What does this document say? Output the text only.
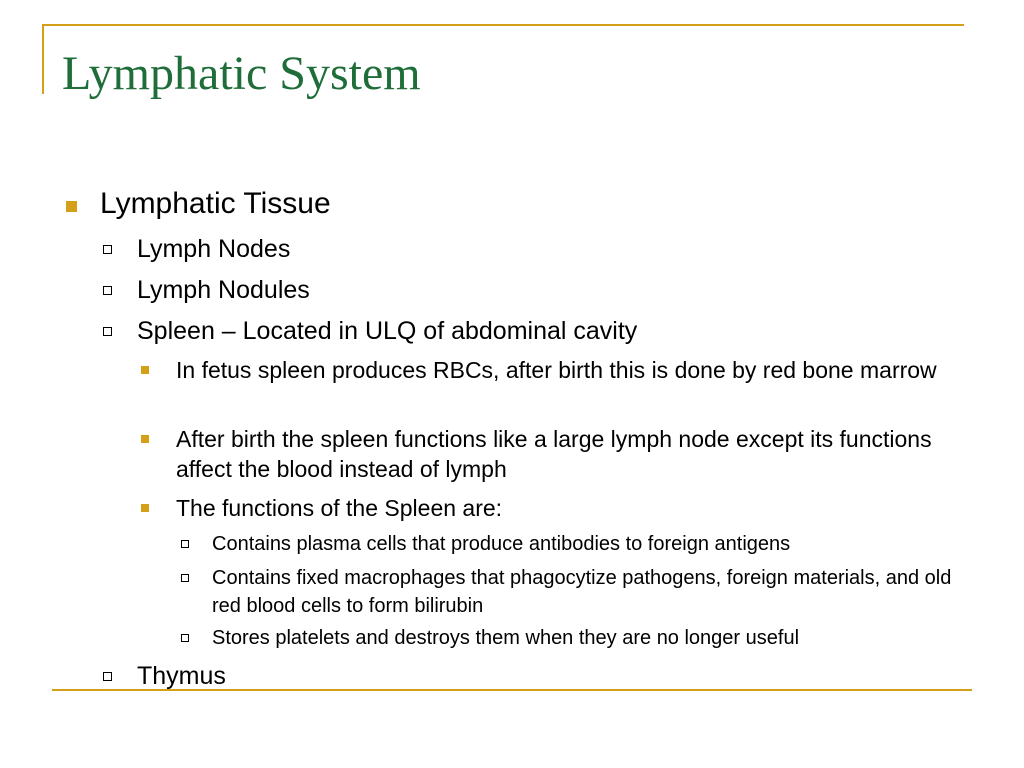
Lymphatic System
Lymphatic Tissue
Lymph Nodes
Lymph Nodules
Spleen – Located in ULQ of abdominal cavity
In fetus spleen produces RBCs, after birth this is done by red bone marrow
After birth the spleen functions like a large lymph node except its functions affect the blood instead of lymph
The functions of the Spleen are:
Contains plasma cells that produce antibodies to foreign antigens
Contains fixed macrophages that phagocytize pathogens, foreign materials, and old red blood cells to form bilirubin
Stores platelets and destroys them when they are no longer useful
Thymus
